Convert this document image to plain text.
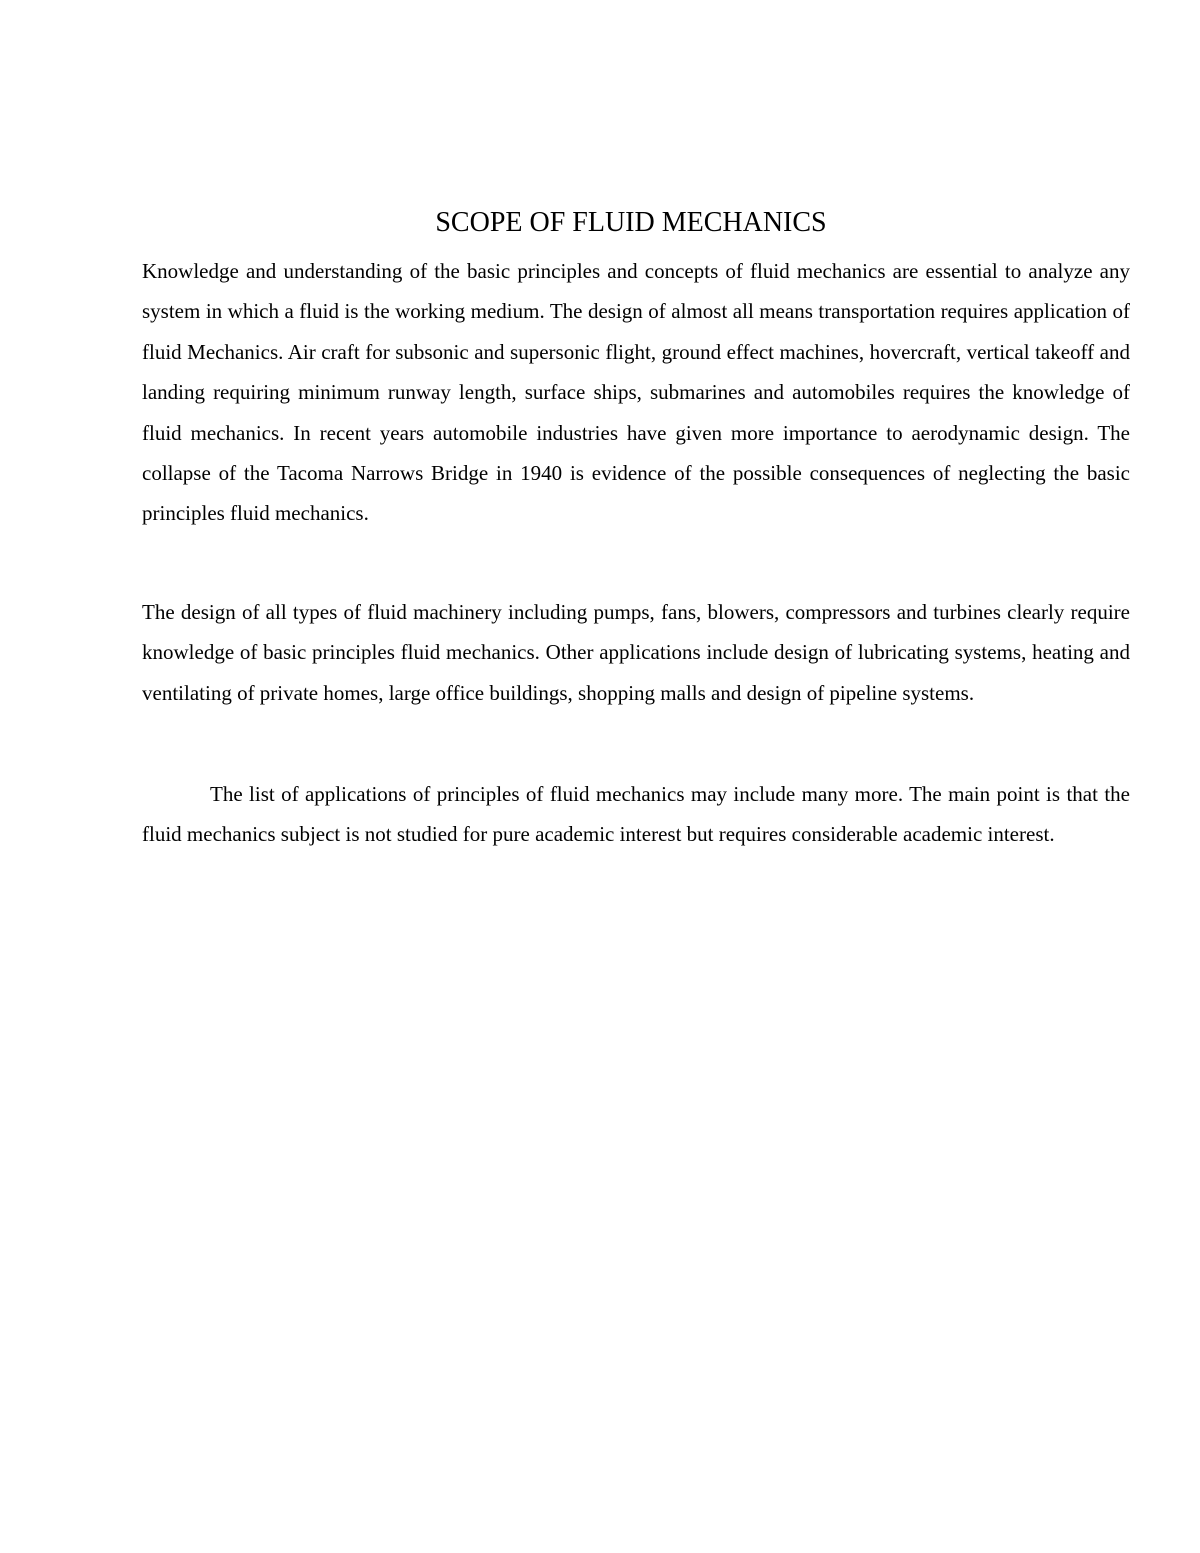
SCOPE OF FLUID MECHANICS

Knowledge and understanding of the basic principles and concepts of fluid mechanics are essential to analyze any system in which a fluid is the working medium. The design of almost all means transportation requires application of fluid Mechanics. Air craft for subsonic and supersonic flight, ground effect machines, hovercraft, vertical takeoff and landing requiring minimum runway length, surface ships, submarines and automobiles requires the knowledge of fluid mechanics. In recent years automobile industries have given more importance to aerodynamic design. The collapse of the Tacoma Narrows Bridge in 1940 is evidence of the possible consequences of neglecting the basic principles fluid mechanics.

The design of all types of fluid machinery including pumps, fans, blowers, compressors and turbines clearly require knowledge of basic principles fluid mechanics. Other applications include design of lubricating systems, heating and ventilating of private homes, large office buildings, shopping malls and design of pipeline systems.

The list of applications of principles of fluid mechanics may include many more. The main point is that the fluid mechanics subject is not studied for pure academic interest but requires considerable academic interest.
